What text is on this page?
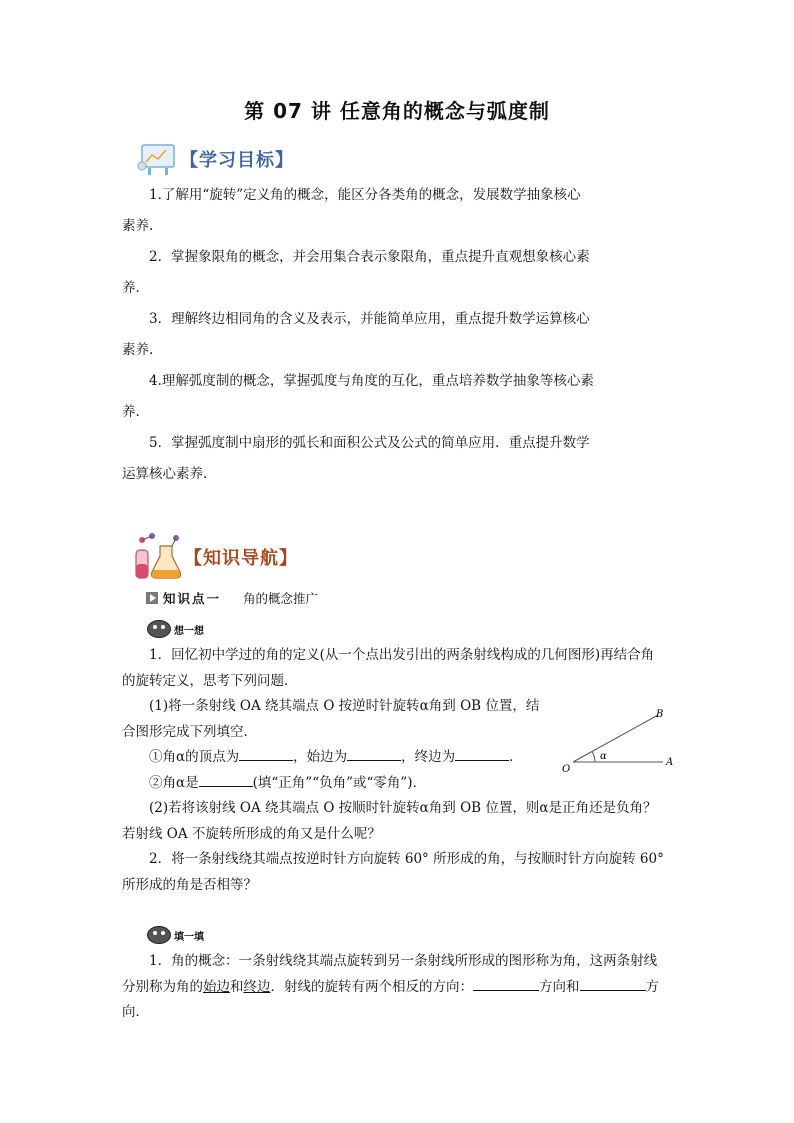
第 07 讲 任意角的概念与弧度制
【学习目标】

1.了解用“旋转”定义角的概念，能区分各类角的概念，发展数学抽象核心

素养.

2．掌握象限角的概念，并会用集合表示象限角，重点提升直观想象核心素

养.

3．理解终边相同角的含义及表示，并能简单应用，重点提升数学运算核心

素养.

4.理解弧度制的概念，掌握弧度与角度的互化，重点培养数学抽象等核心素

养.

5．掌握弧度制中扇形的弧长和面积公式及公式的简单应用．重点提升数学

运算核心素养.

【知识导航】
知识点一 角的概念推广
想一想

1．回忆初中学过的角的定义(从一个点出发引出的两条射线构成的几何图形)再结合角

的旋转定义，思考下列问题．

(1)将一条射线 OA 绕其端点 O 按逆时针旋转α角到 OB 位置，结

合图形完成下列填空．

①角α的顶点为	，始边为	，终边为	．

②角α是	(填“正角”“负角”或“零角”)．

(2)若将该射线 OA 绕其端点 O 按顺时针旋转α角到 OB 位置，则α是正角还是负角？

若射线 OA 不旋转所形成的角又是什么呢？

2．将一条射线绕其端点按逆时针方向旋转 60° 所形成的角，与按顺时针方向旋转 60°

所形成的角是否相等？

O
A
B
α
填一填

1．角的概念：一条射线绕其端点旋转到另一条射线所形成的图形称为角，这两条射线

分别称为角的始边和终边．射线的旋转有两个相反的方向：	方向和	方

向．
